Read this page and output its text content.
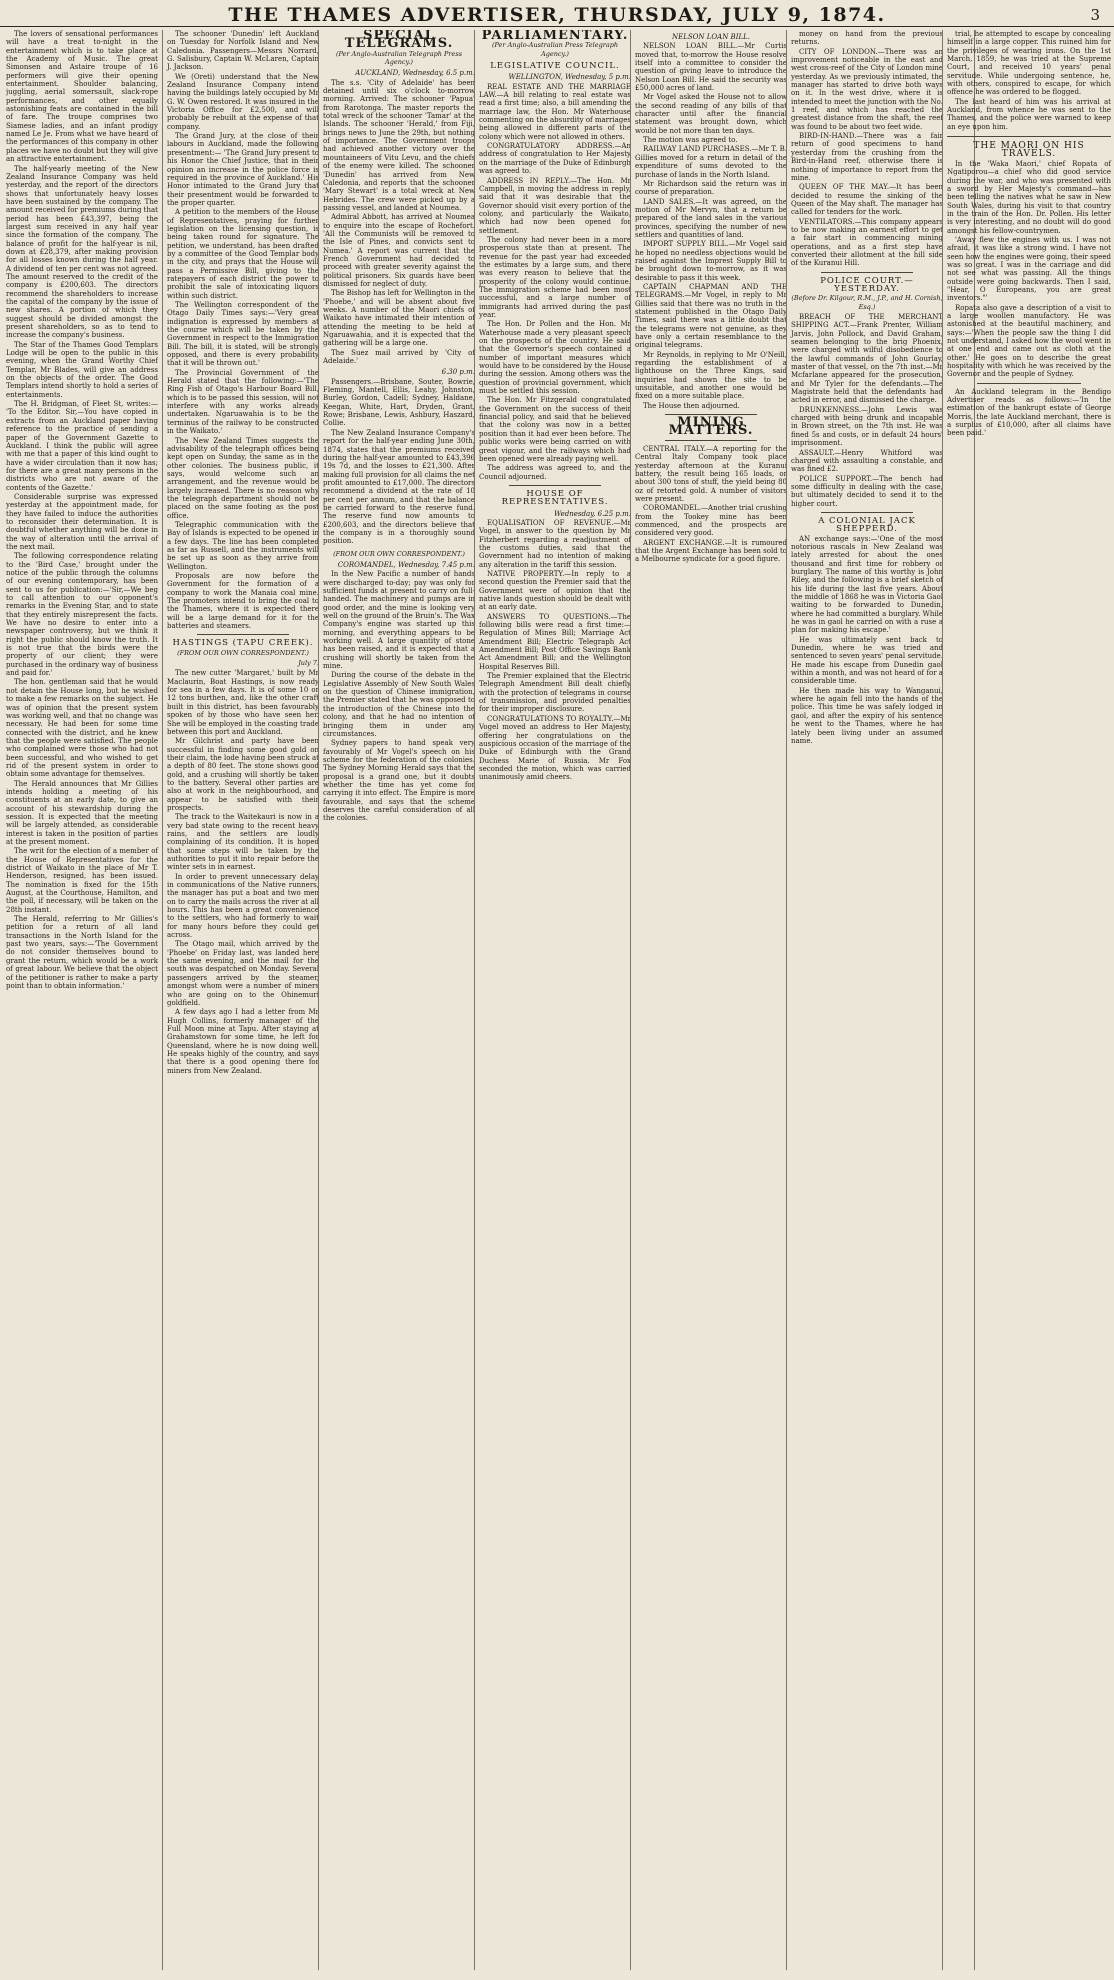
THE THAMES ADVERTISER, THURSDAY, JULY 9, 1874.	3

The lovers of sensational performances will have a treat to-night in the entertainment which is to take place at the Academy of Music. The great Simonsen and Astaire troupe of 16 performers will give their opening entertainment. Shoulder balancing, juggling, aerial somersault, slack-rope performances, and other equally astonishing feats are contained in the bill of fare. The troupe comprises two Siamese ladies, and an infant prodigy named Le Je. From what we have heard of the performances of this company in other places we have no doubt but they will give an attractive entertainment.

The half-yearly meeting of the New Zealand Insurance Company was held yesterday, and the report of the directors shows that unfortunately heavy losses have been sustained by the company. The amount received for premiums during that period has been £43,397, being the largest sum received in any half year since the formation of the company. The balance of profit for the half-year is nil, down at £28,379, after making provision for all losses known during the half year. A dividend of ten per cent was not agreed. The amount reserved to the credit of the company is £200,603. The directors recommend the shareholders to increase the capital of the company by the issue of new shares. A portion of which they suggest should be divided amongst the present shareholders, so as to tend to increase the company's business.

The Star of the Thames Good Templars Lodge will be open to the public in this evening, when the Grand Worthy Chief Templar, Mr Blades, will give an address on the objects of the order. The Good Templars intend shortly to hold a series of entertainments.

The H. Bridgman, of Fleet St, writes:— 'To the Editor. Sir,—You have copied in extracts from an Auckland paper having reference to the practice of sending a paper of the Government Gazette to Auckland. I think the public will agree with me that a paper of this kind ought to have a wider circulation than it now has; for there are a great many persons in the districts who are not aware of the contents of the Gazette.'

Considerable surprise was expressed yesterday at the appointment made, for they have failed to induce the authorities to reconsider their determination. It is doubtful whether anything will be done in the way of alteration until the arrival of the next mail.

The following correspondence relating to the 'Bird Case,' brought under the notice of the public through the columns of our evening contemporary, has been sent to us for publication:—'Sir,—We beg to call attention to our opponent's remarks in the Evening Star, and to state that they entirely misrepresent the facts. We have no desire to enter into a newspaper controversy, but we think it right the public should know the truth. It is not true that the birds were the property of our client; they were purchased in the ordinary way of business and paid for.'

The hon. gentleman said that he would not detain the House long, but he wished to make a few remarks on the subject. He was of opinion that the present system was working well, and that no change was necessary. He had been for some time connected with the district, and he knew that the people were satisfied. The people who complained were those who had not been successful, and who wished to get rid of the present system in order to obtain some advantage for themselves.

The Herald announces that Mr Gillies intends holding a meeting of his constituents at an early date, to give an account of his stewardship during the session. It is expected that the meeting will be largely attended, as considerable interest is taken in the position of parties at the present moment.

The writ for the election of a member of the House of Representatives for the district of Waikato in the place of Mr T. Henderson, resigned, has been issued. The nomination is fixed for the 15th August, at the Courthouse, Hamilton, and the poll, if necessary, will be taken on the 28th instant.

The Herald, referring to Mr Gillies's petition for a return of all land transactions in the North Island for the past two years, says:—'The Government do not consider themselves bound to grant the return, which would be a work of great labour. We believe that the object of the petitioner is rather to make a party point than to obtain information.'

The schooner 'Dunedin' left Auckland on Tuesday for Norfolk Island and New Caledonia. Passengers—Messrs Norrard, G. Salisbury, Captain W. McLaren, Captain J. Jackson.

We (Oreti) understand that the New Zealand Insurance Company intend having the buildings lately occupied by Mr G. W. Owen restored. It was insured in the Victoria Office for £2,500, and will probably be rebuilt at the expense of that company.

The Grand Jury, at the close of their labours in Auckland, made the following presentment:— 'The Grand Jury present to his Honor the Chief Justice, that in their opinion an increase in the police force is required in the province of Auckland.' His Honor intimated to the Grand Jury that their presentment would be forwarded to the proper quarter.

A petition to the members of the House of Representatives, praying for further legislation on the licensing question, is being taken round for signature. The petition, we understand, has been drafted by a committee of the Good Templar body in the city, and prays that the House will pass a Permissive Bill, giving to the ratepayers of each district the power to prohibit the sale of intoxicating liquors within such district.

The Wellington correspondent of the Otago Daily Times says:—'Very great indignation is expressed by members at the course which will be taken by the Government in respect to the Immigration Bill. The bill, it is stated, will be strongly opposed, and there is every probability that it will be thrown out.'

The Provincial Government of the Herald stated that the following:—'The Ring Fish of Otago's Harbour Board Bill, which is to be passed this session, will not interfere with any works already undertaken. Ngaruawahia is to be the terminus of the railway to be constructed in the Waikato.'

The New Zealand Times suggests the advisability of the telegraph offices being kept open on Sunday, the same as in the other colonies. The business public, it says, would welcome such an arrangement, and the revenue would be largely increased. There is no reason why the telegraph department should not be placed on the same footing as the post office.

Telegraphic communication with the Bay of Islands is expected to be opened in a few days. The line has been completed as far as Russell, and the instruments will be set up as soon as they arrive from Wellington.

Proposals are now before the Government for the formation of a company to work the Manaia coal mine. The promoters intend to bring the coal to the Thames, where it is expected there will be a large demand for it for the batteries and steamers.

HASTINGS (TAPU CREEK).
(FROM OUR OWN CORRESPONDENT.)
July 7.

The new cutter 'Margaret,' built by Mr Maclaurin, Boat Hastings, is now ready for sea in a few days. It is of some 10 or 12 tons burthen, and, like the other craft built in this district, has been favourably spoken of by those who have seen her. She will be employed in the coasting trade between this port and Auckland.

Mr Gilchrist and party have been successful in finding some good gold on their claim, the lode having been struck at a depth of 80 feet. The stone shows good gold, and a crushing will shortly be taken to the battery. Several other parties are also at work in the neighbourhood, and appear to be satisfied with their prospects.

The track to the Waitekauri is now in a very bad state owing to the recent heavy rains, and the settlers are loudly complaining of its condition. It is hoped that some steps will be taken by the authorities to put it into repair before the winter sets in in earnest.

In order to prevent unnecessary delay in communications of the Native runners, the manager has put a boat and two men on to carry the mails across the river at all hours. This has been a great convenience to the settlers, who had formerly to wait for many hours before they could get across.

The Otago mail, which arrived by the 'Phoebe' on Friday last, was landed here the same evening, and the mail for the south was despatched on Monday. Several passengers arrived by the steamer, amongst whom were a number of miners who are going on to the Ohinemuri goldfield.

A few days ago I had a letter from Mr Hugh Collins, formerly manager of the Full Moon mine at Tapu. After staying at Grahamstown for some time, he left for Queensland, where he is now doing well. He speaks highly of the country, and says that there is a good opening there for miners from New Zealand.

SPECIAL TELEGRAMS.
(Per Anglo-Australian Telegraph Press Agency.)
AUCKLAND, Wednesday, 6.5 p.m.

The s.s. 'City of Adelaide' has been detained until six o'clock to-morrow morning. Arrived: The schooner 'Papua' from Rarotonga. The master reports the total wreck of the schooner 'Tamar' at the Islands. The schooner 'Herald,' from Fiji, brings news to June the 29th, but nothing of importance. The Government troops had achieved another victory over the mountaineers of Vitu Levu, and the chiefs of the enemy were killed. The schooner 'Dunedin' has arrived from New Caledonia, and reports that the schooner 'Mary Stewart' is a total wreck at New Hebrides. The crew were picked up by a passing vessel, and landed at Noumea.

Admiral Abbott, has arrived at Noumea to enquire into the escape of Rochefort. 'All the Communists will be removed to the Isle of Pines, and convicts sent to Numea.' A report was current that the French Government had decided to proceed with greater severity against the political prisoners. Six guards have been dismissed for neglect of duty.

The Bishop has left for Wellington in the 'Phoebe,' and will be absent about five weeks. A number of the Maori chiefs of Waikato have intimated their intention of attending the meeting to be held at Ngaruawahia, and it is expected that the gathering will be a large one.

The Suez mail arrived by 'City of Adelaide.'

6.30 p.m.

Passengers.—Brisbane, Souter, Bowrie, Fleming, Mantell, Ellis, Leahy, Johnston, Burley, Gordon, Cadell; Sydney, Haldane, Keegan, White, Hart, Dryden, Grant, Rowe; Brisbane, Lewis, Ashbury, Haszard, Collie.

The New Zealand Insurance Company's report for the half-year ending June 30th, 1874, states that the premiums received during the half-year amounted to £43,396 19s 7d, and the losses to £21,300. After making full provision for all claims the net profit amounted to £17,000. The directors recommend a dividend at the rate of 10 per cent per annum, and that the balance be carried forward to the reserve fund. The reserve fund now amounts to £200,603, and the directors believe that the company is in a thoroughly sound position.

(FROM OUR OWN CORRESPONDENT.)
COROMANDEL, Wednesday, 7.45 p.m.

In the New Pacific a number of hands were discharged to-day; pay was only for sufficient funds at present to carry on full-handed. The machinery and pumps are in good order, and the mine is looking very well on the ground of the Bruin's. The Wax Company's engine was started up this morning, and everything appears to be working well. A large quantity of stone has been raised, and it is expected that a crushing will shortly be taken from the mine.

During the course of the debate in the Legislative Assembly of New South Wales on the question of Chinese immigration, the Premier stated that he was opposed to the introduction of the Chinese into the colony, and that he had no intention of bringing them in under any circumstances.

Sydney papers to hand speak very favourably of Mr Vogel's speech on his scheme for the federation of the colonies. The Sydney Morning Herald says that the proposal is a grand one, but it doubts whether the time has yet come for carrying it into effect. The Empire is more favourable, and says that the scheme deserves the careful consideration of all the colonies.

PARLIAMENTARY.
(Per Anglo-Australian Press Telegraph Agency.)
LEGISLATIVE COUNCIL.
WELLINGTON, Wednesday, 5 p.m.

REAL ESTATE AND THE MARRIAGE LAW.—A bill relating to real estate was read a first time; also, a bill amending the marriage law, the Hon. Mr Waterhouse commenting on the absurdity of marriages being allowed in different parts of the colony which were not allowed in others.

CONGRATULATORY ADDRESS.—An address of congratulation to Her Majesty on the marriage of the Duke of Edinburgh was agreed to.

ADDRESS IN REPLY.—The Hon. Mr Campbell, in moving the address in reply, said that it was desirable that the Governor should visit every portion of the colony, and particularly the Waikato, which had now been opened for settlement.

The colony had never been in a more prosperous state than at present. The revenue for the past year had exceeded the estimates by a large sum, and there was every reason to believe that the prosperity of the colony would continue. The immigration scheme had been most successful, and a large number of immigrants had arrived during the past year.

The Hon. Dr Pollen and the Hon. Mr Waterhouse made a very pleasant speech on the prospects of the country. He said that the Governor's speech contained a number of important measures which would have to be considered by the House during the session. Among others was the question of provincial government, which must be settled this session.

The Hon. Mr Fitzgerald congratulated the Government on the success of their financial policy, and said that he believed that the colony was now in a better position than it had ever been before. The public works were being carried on with great vigour, and the railways which had been opened were already paying well.

The address was agreed to, and the Council adjourned.

HOUSE OF REPRESENTATIVES.
Wednesday, 6.25 p.m.

EQUALISATION OF REVENUE.—Mr Vogel, in answer to the question by Mr Fitzherbert regarding a readjustment of the customs duties, said that the Government had no intention of making any alteration in the tariff this session.

NATIVE PROPERTY.—In reply to a second question the Premier said that the Government were of opinion that the native lands question should be dealt with at an early date.

ANSWERS TO QUESTIONS.—The following bills were read a first time:—Regulation of Mines Bill; Marriage Act Amendment Bill; Electric Telegraph Act Amendment Bill; Post Office Savings Bank Act Amendment Bill; and the Wellington Hospital Reserves Bill.

The Premier explained that the Electric Telegraph Amendment Bill dealt chiefly with the protection of telegrams in course of transmission, and provided penalties for their improper disclosure.

CONGRATULATIONS TO ROYALTY.—Mr Vogel moved an address to Her Majesty, offering her congratulations on the auspicious occasion of the marriage of the Duke of Edinburgh with the Grand Duchess Marie of Russia. Mr Fox seconded the motion, which was carried unanimously amid cheers.

NELSON LOAN BILL.

NELSON LOAN BILL.—Mr Curtis moved that, to-morrow the House resolve itself into a committee to consider the question of giving leave to introduce the Nelson Loan Bill. He said the security was £50,000 acres of land.

Mr Vogel asked the House not to allow the second reading of any bills of that character until after the financial statement was brought down, which would be not more than ten days.

The motion was agreed to.

RAILWAY LAND PURCHASES.—Mr T. B. Gillies moved for a return in detail of the expenditure of sums devoted to the purchase of lands in the North Island.

Mr Richardson said the return was in course of preparation.

LAND SALES.—It was agreed, on the motion of Mr Mervyn, that a return be prepared of the land sales in the various provinces, specifying the number of new settlers and quantities of land.

IMPORT SUPPLY BILL.—Mr Vogel said he hoped no needless objections would be raised against the Imprest Supply Bill to be brought down to-morrow, as it was desirable to pass it this week.

CAPTAIN CHAPMAN AND THE TELEGRAMS.—Mr Vogel, in reply to Mr Gillies said that there was no truth in the statement published in the Otago Daily Times, said there was a little doubt that the telegrams were not genuine, as they have only a certain resemblance to the original telegrams.

Mr Reynolds, in replying to Mr O'Neill, regarding the establishment of a lighthouse on the Three Kings, said inquiries had shown the site to be unsuitable, and another one would be fixed on a more suitable place.

The House then adjourned.

MINING MATTERS.

CENTRAL ITALY.—A reporting for the Central Italy Company took place yesterday afternoon at the Kuranui battery, the result being 165 loads, or about 300 tons of stuff, the yield being 80 oz of retorted gold. A number of visitors were present.

COROMANDEL.—Another trial crushing from the Tookey mine has been commenced, and the prospects are considered very good.

ARGENT EXCHANGE.—It is rumoured that the Argent Exchange has been sold to a Melbourne syndicate for a good figure.

money on hand from the previous returns.

CITY OF LONDON.—There was an improvement noticeable in the east and west cross-reef of the City of London mine yesterday. As we previously intimated, the manager has started to drive both ways on it. In the west drive, where it is intended to meet the junction with the No. 1 reef, and which has reached the greatest distance from the shaft, the reef was found to be about two feet wide.

BIRD-IN-HAND.—There was a fair return of good specimens to hand yesterday from the crushing from the Bird-in-Hand reef, otherwise there is nothing of importance to report from the mine.

QUEEN OF THE MAY.—It has been decided to resume the sinking of the Queen of the May shaft. The manager has called for tenders for the work.

VENTILATORS.—This company appears to be now making an earnest effort to get a fair start in commencing mining operations, and as a first step have converted their allotment at the hill side of the Kuranui Hill.

POLICE COURT.—YESTERDAY.
(Before Dr. Kilgour, R.M., J.P., and H. Cornish, Esq.)

BREACH OF THE MERCHANT SHIPPING ACT.—Frank Prenter, William Jarvis, John Pollock, and David Graham, seamen belonging to the brig Phoenix, were charged with wilful disobedience to the lawful commands of John Gourlay, master of that vessel, on the 7th inst.—Mr Mcfarlane appeared for the prosecution, and Mr Tyler for the defendants.—The Magistrate held that the defendants had acted in error, and dismissed the charge.

DRUNKENNESS.—John Lewis was charged with being drunk and incapable in Brown street, on the 7th inst. He was fined 5s and costs, or in default 24 hours' imprisonment.

ASSAULT.—Henry Whitford was charged with assaulting a constable, and was fined £2.

POLICE SUPPORT.—The bench had some difficulty in dealing with the case, but ultimately decided to send it to the higher court.

A COLONIAL JACK SHEPPERD.

AN exchange says:—'One of the most notorious rascals in New Zealand was lately arrested for about the ones thousand and first time for robbery or burglary. The name of this worthy is John Riley, and the following is a brief sketch of his life during the last five years. About the middle of 1868 he was in Victoria Gaol waiting to be forwarded to Dunedin, where he had committed a burglary. While he was in gaol he carried on with a ruse a plan for making his escape.'

He was ultimately sent back to Dunedin, where he was tried and sentenced to seven years' penal servitude. He made his escape from Dunedin gaol within a month, and was not heard of for a considerable time.

He then made his way to Wanganui, where he again fell into the hands of the police. This time he was safely lodged in gaol, and after the expiry of his sentence he went to the Thames, where he has lately been living under an assumed name.

trial, he attempted to escape by concealing himself in a large copper. This ruined him for the privileges of wearing irons. On the 1st March, 1859, he was tried at the Supreme Court, and received 10 years' penal servitude. While undergoing sentence, he, with others, conspired to escape, for which offence he was ordered to be flogged.

The last heard of him was his arrival at Auckland, from whence he was sent to the Thames, and the police were warned to keep an eye upon him.

THE MAORI ON HIS TRAVELS.

In the 'Waka Maori,' chief Ropata of Ngatiporou—a chief who did good service during the war, and who was presented with a sword by Her Majesty's command—has been telling the natives what he saw in New South Wales, during his visit to that country in the train of the Hon. Dr. Pollen. His letter is very interesting, and no doubt will do good amongst his fellow-countrymen.

'Away flew the engines with us. I was not afraid, it was like a strong wind. I have not seen how the engines were going, their speed was so great. I was in the carriage and did not see what was passing. All the things outside were going backwards. Then I said, "Hear, O Europeans, you are great inventors."'

Ropata also gave a description of a visit to a large woollen manufactory. He was astonished at the beautiful machinery, and says:—'When the people saw the thing I did not understand, I asked how the wool went in at one end and came out as cloth at the other.' He goes on to describe the great hospitality with which he was received by the Governor and the people of Sydney.

An Auckland telegram in the Bendigo Advertiser reads as follows:—'In the estimation of the bankrupt estate of George Morris, the late Auckland merchant, there is a surplus of £10,000, after all claims have been paid.'
